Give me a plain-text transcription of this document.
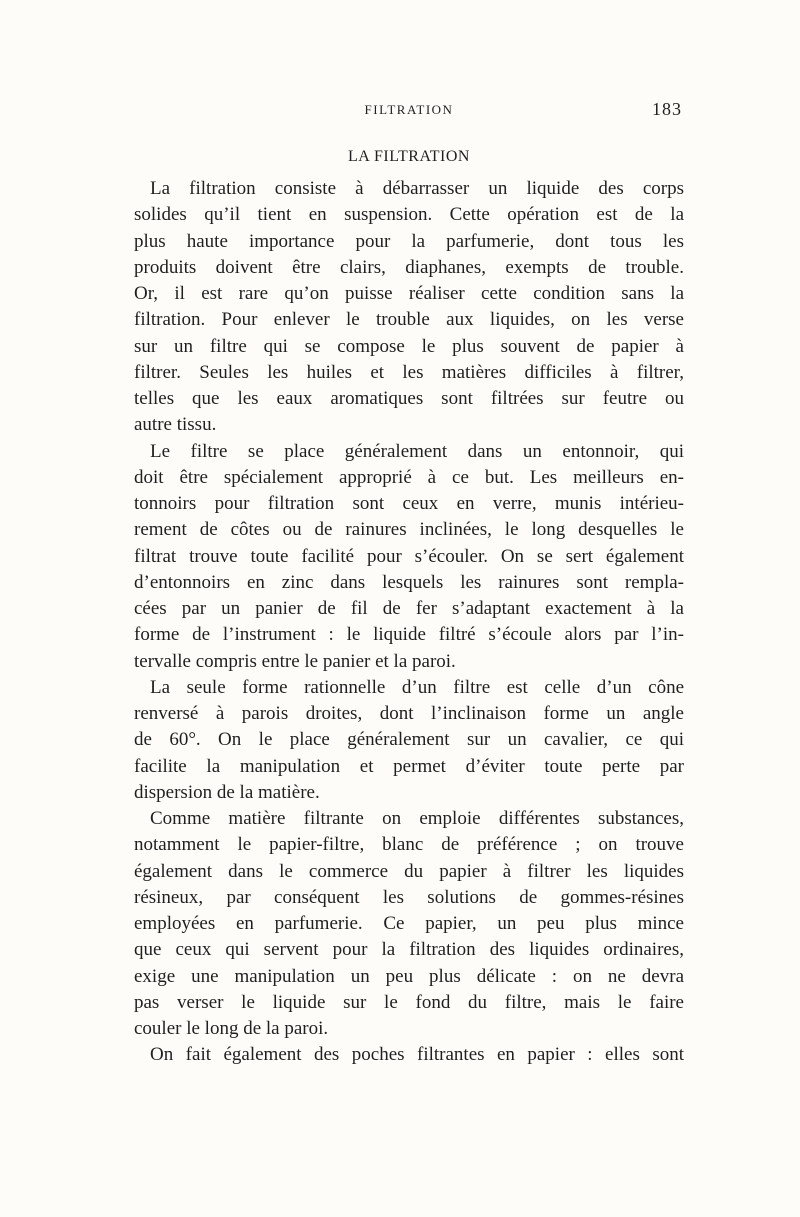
FILTRATION	183
LA FILTRATION
La filtration consiste à débarrasser un liquide des corps
solides qu’il tient en suspension. Cette opération est de la
plus haute importance pour la parfumerie, dont tous les
produits doivent être clairs, diaphanes, exempts de trouble.
Or, il est rare qu’on puisse réaliser cette condition sans la
filtration. Pour enlever le trouble aux liquides, on les verse
sur un filtre qui se compose le plus souvent de papier à
filtrer. Seules les huiles et les matières difficiles à filtrer,
telles que les eaux aromatiques sont filtrées sur feutre ou
autre tissu.
Le filtre se place généralement dans un entonnoir, qui
doit être spécialement approprié à ce but. Les meilleurs en-
tonnoirs pour filtration sont ceux en verre, munis intérieu-
rement de côtes ou de rainures inclinées, le long desquelles le
filtrat trouve toute facilité pour s’écouler. On se sert également
d’entonnoirs en zinc dans lesquels les rainures sont rempla-
cées par un panier de fil de fer s’adaptant exactement à la
forme de l’instrument : le liquide filtré s’écoule alors par l’in-
tervalle compris entre le panier et la paroi.
La seule forme rationnelle d’un filtre est celle d’un cône
renversé à parois droites, dont l’inclinaison forme un angle
de 60°. On le place généralement sur un cavalier, ce qui
facilite la manipulation et permet d’éviter toute perte par
dispersion de la matière.
Comme matière filtrante on emploie différentes substances,
notamment le papier-filtre, blanc de préférence ; on trouve
également dans le commerce du papier à filtrer les liquides
résineux, par conséquent les solutions de gommes-résines
employées en parfumerie. Ce papier, un peu plus mince
que ceux qui servent pour la filtration des liquides ordinaires,
exige une manipulation un peu plus délicate : on ne devra
pas verser le liquide sur le fond du filtre, mais le faire
couler le long de la paroi.
On fait également des poches filtrantes en papier : elles sont
